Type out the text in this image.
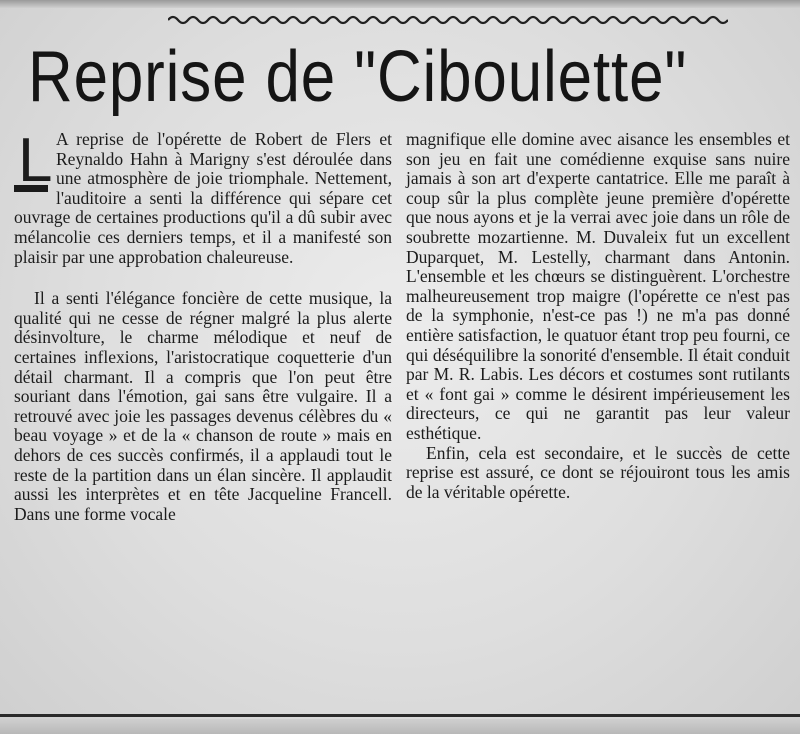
Reprise de "Ciboulette"
L A reprise de l'opérette de Robert de Flers et Reynaldo Hahn à Marigny s'est déroulée dans une atmosphère de joie triomphale. Nettement, l'auditoire a senti la différence qui sépare cet ouvrage de certaines productions qu'il a dû subir avec mélancolie ces derniers temps, et il a manifesté son plaisir par une approbation chaleureuse.

Il a senti l'élégance foncière de cette musique, la qualité qui ne cesse de régner malgré la plus alerte désinvolture, le charme mélodique et neuf de certaines inflexions, l'aristocratique coquetterie d'un détail charmant. Il a compris que l'on peut être souriant dans l'émotion, gai sans être vulgaire. Il a retrouvé avec joie les passages devenus célèbres du « beau voyage » et de la « chanson de route » mais en dehors de ces succès confirmés, il a applaudi tout le reste de la partition dans un élan sincère. Il applaudit aussi les interprètes et en tête Jacqueline Francell. Dans une forme vocale

magnifique elle domine avec aisance les ensembles et son jeu en fait une comédienne exquise sans nuire jamais à son art d'experte cantatrice. Elle me paraît à coup sûr la plus complète jeune première d'opérette que nous ayons et je la verrai avec joie dans un rôle de soubrette mozartienne. M. Duvaleix fut un excellent Duparquet, M. Lestelly, charmant dans Antonin. L'ensemble et les chœurs se distinguèrent. L'orchestre malheureusement trop maigre (l'opérette ce n'est pas de la symphonie, n'est-ce pas !) ne m'a pas donné entière satisfaction, le quatuor étant trop peu fourni, ce qui déséquilibre la sonorité d'ensemble. Il était conduit par M. R. Labis. Les décors et costumes sont rutilants et « font gai » comme le désirent impérieusement les directeurs, ce qui ne garantit pas leur valeur esthétique.

Enfin, cela est secondaire, et le succès de cette reprise est assuré, ce dont se réjouiront tous les amis de la véritable opérette.
